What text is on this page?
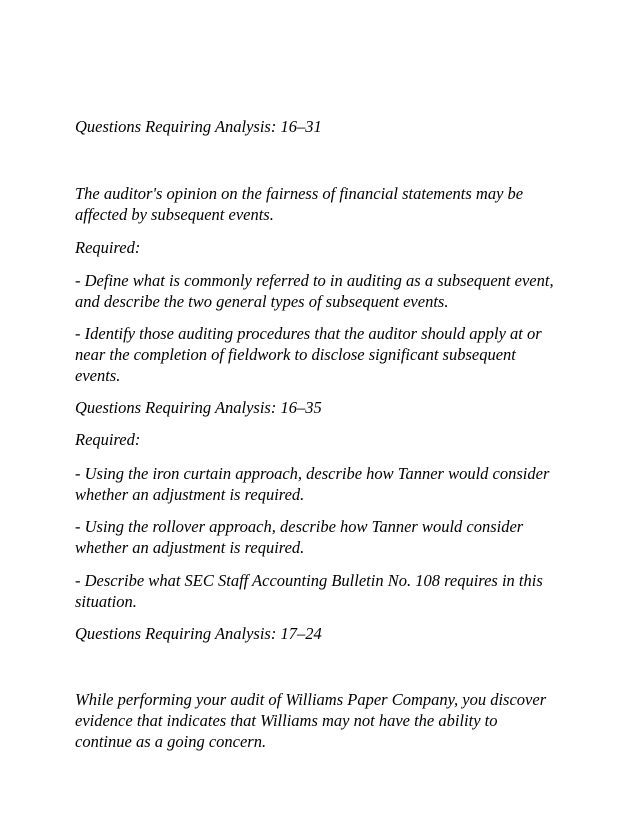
Questions Requiring Analysis: 16–31
The auditor's opinion on the fairness of financial statements may be
affected by subsequent events.
Required:
- Define what is commonly referred to in auditing as a subsequent event,
and describe the two general types of subsequent events.
- Identify those auditing procedures that the auditor should apply at or
near the completion of fieldwork to disclose significant subsequent
events.
Questions Requiring Analysis: 16–35
Required:
- Using the iron curtain approach, describe how Tanner would consider
whether an adjustment is required.
- Using the rollover approach, describe how Tanner would consider
whether an adjustment is required.
- Describe what SEC Staff Accounting Bulletin No. 108 requires in this
situation.
Questions Requiring Analysis: 17–24
While performing your audit of Williams Paper Company, you discover
evidence that indicates that Williams may not have the ability to
continue as a going concern.
